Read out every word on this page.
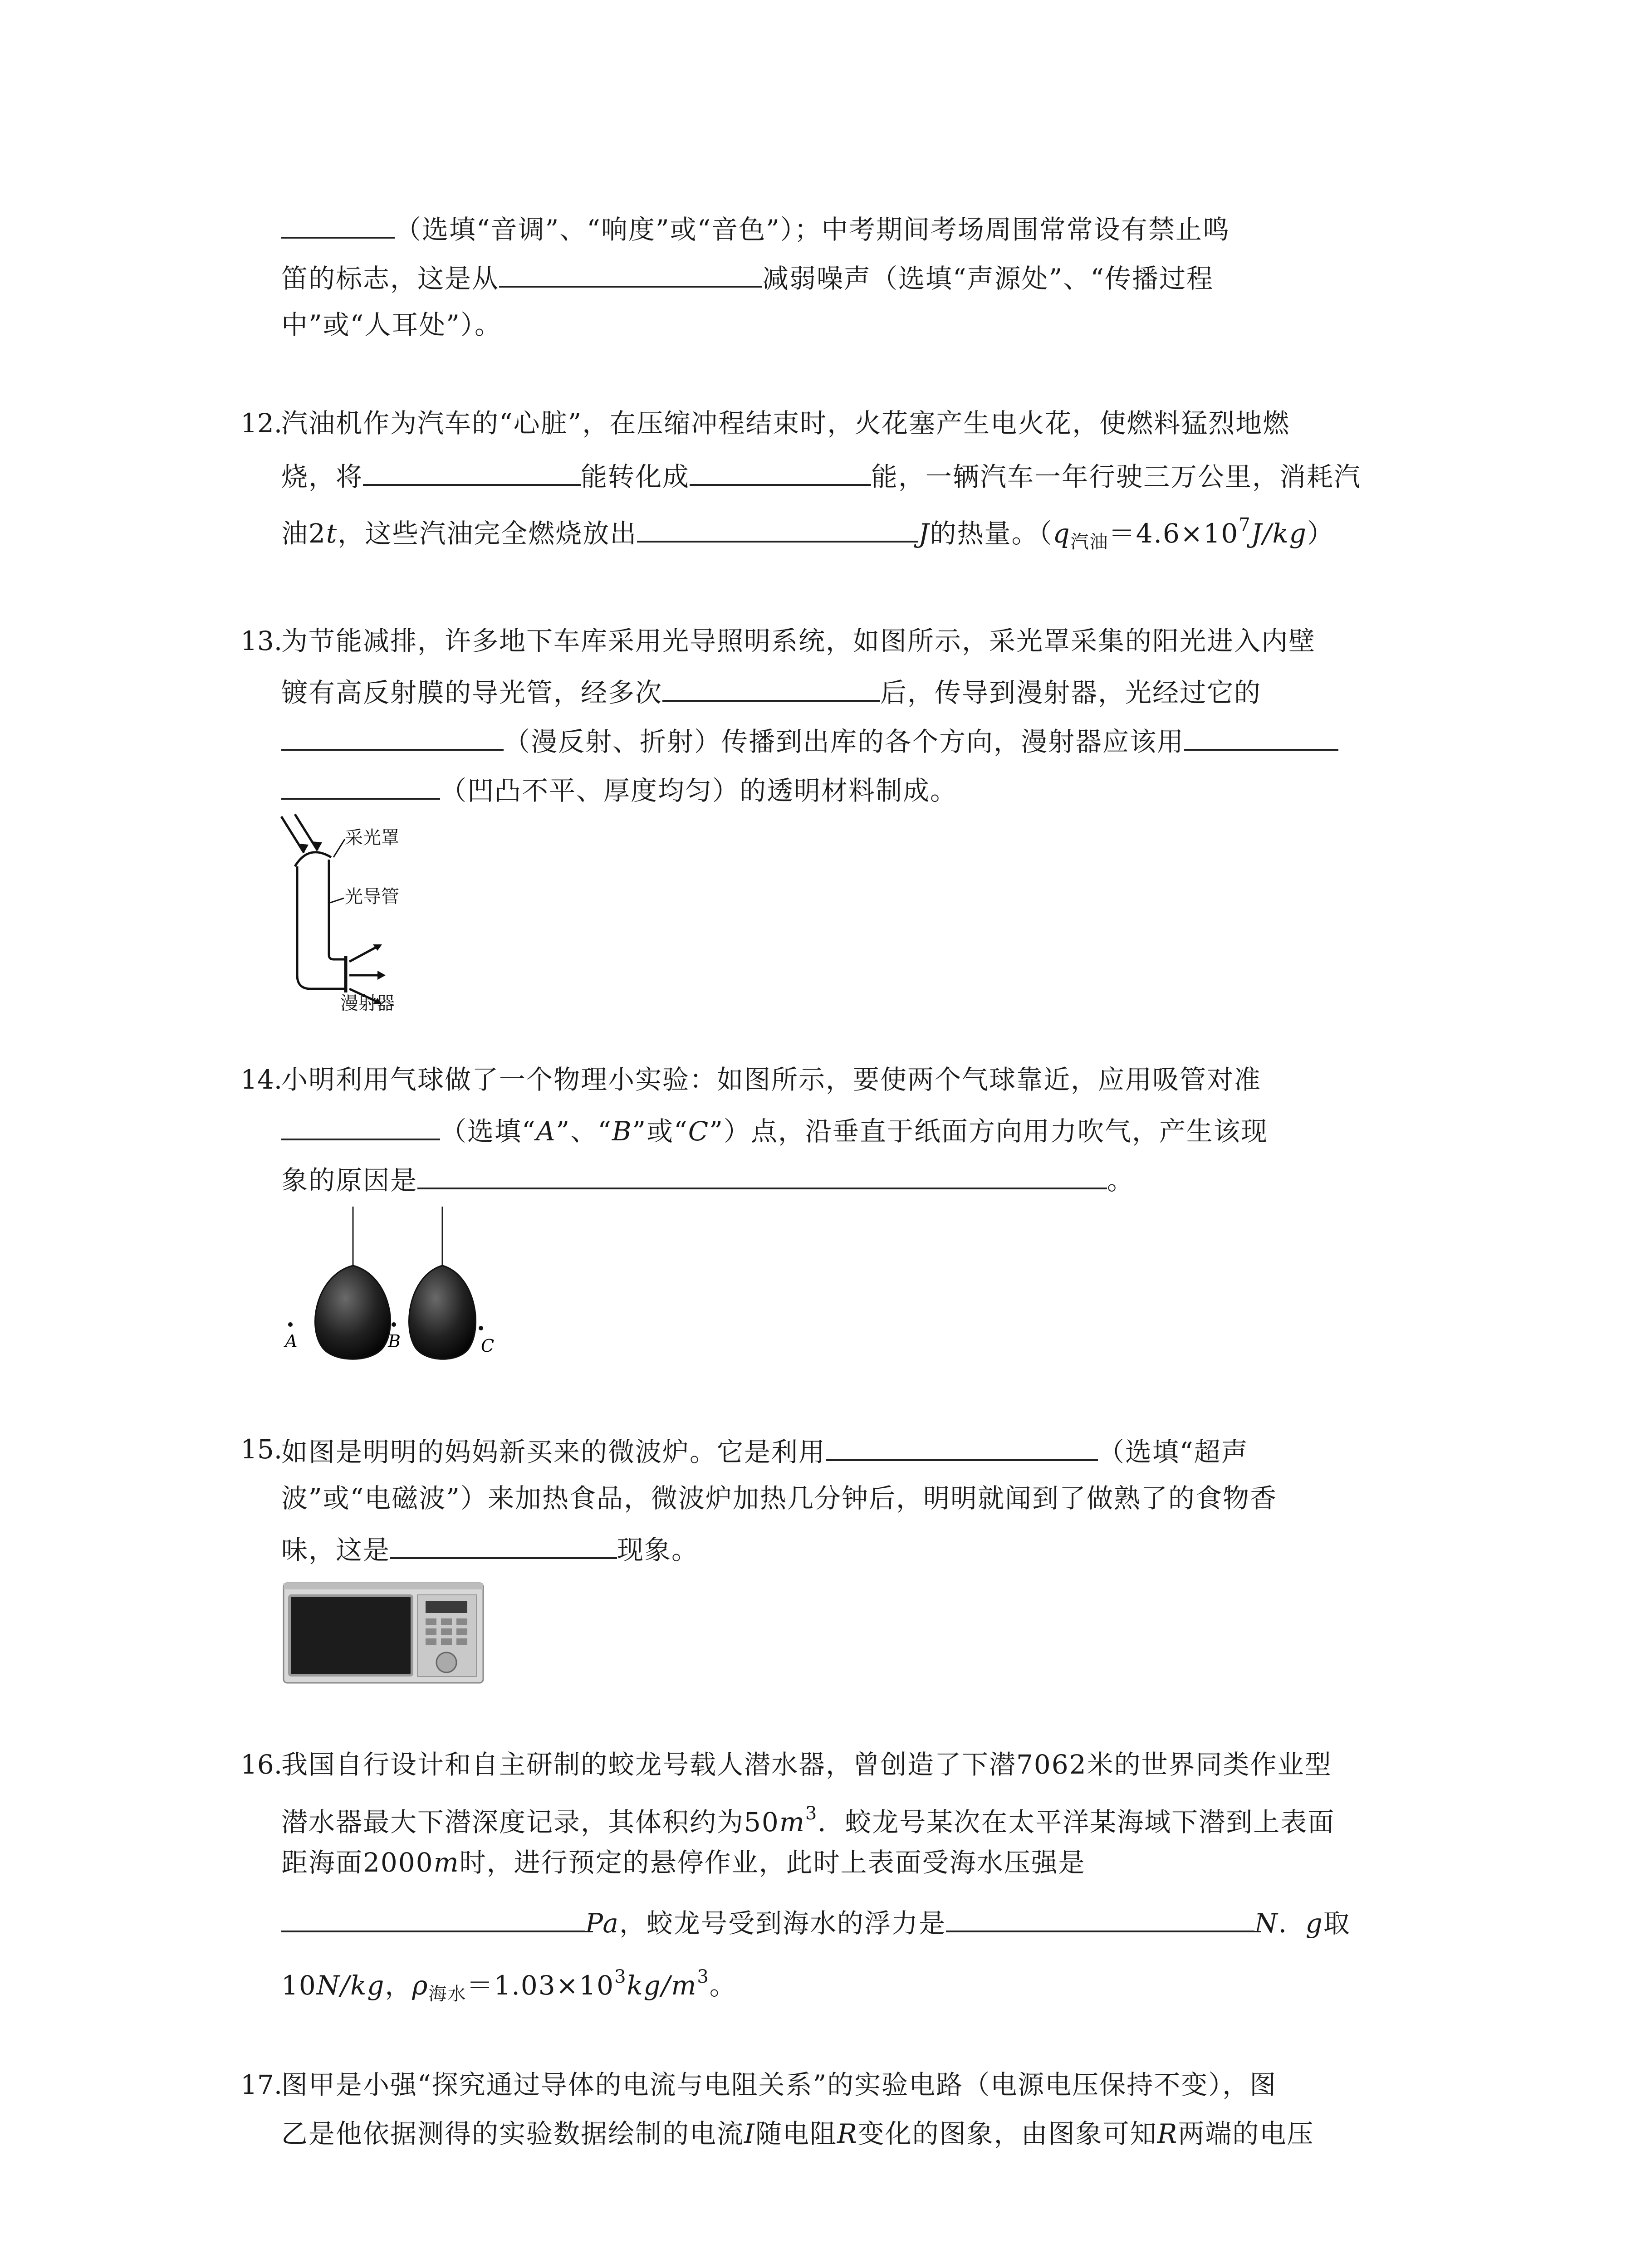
（选填“音调”、“响度”或“音色”）；中考期间考场周围常常设有禁止鸣
笛的标志，这是从	减弱噪声（选填“声源处”、“传播过程
中”或“人耳处”）。
12.
汽油机作为汽车的“心脏”，在压缩冲程结束时，火花塞产生电火花，使燃料猛烈地燃
烧，将	能转化成	能，一辆汽车一年行驶三万公里，消耗汽
油2t，这些汽油完全燃烧放出	J的热量。$(q_{汽油}=4.6\times 10^7J/kg)$
13.
为节能减排，许多地下车库采用光导照明系统，如图所示，采光罩采集的阳光进入内壁
镀有高反射膜的导光管，经多次	后，传导到漫射器，光经过它的
（漫反射、折射）传播到出库的各个方向，漫射器应该用
（凹凸不平、厚度均匀）的透明材料制成。
采光罩
光导管
漫射器
14.
小明利用气球做了一个物理小实验：如图所示，要使两个气球靠近，应用吸管对准
（选填“A”、“B”或“C”）点，沿垂直于纸面方向用力吹气，产生该现
象的原因是	。
A	B	C
15.
如图是明明的妈妈新买来的微波炉。它是利用	（选填“超声
波”或“电磁波”）来加热食品，微波炉加热几分钟后，明明就闻到了做熟了的食物香
味，这是	现象。
16.
我国自行设计和自主研制的蛟龙号载人潜水器，曾创造了下潜7062米的世界同类作业型
潜水器最大下潜深度记录，其体积约为$50m^3$．蛟龙号某次在太平洋某海域下潜到上表面
距海面2000m时，进行预定的悬停作业，此时上表面受海水压强是
Pa，蛟龙号受到海水的浮力是	N．g取
10N/kg，$\rho_{海水}=1.03\times 10^3kg/m^3$。
17.
图甲是小强“探究通过导体的电流与电阻关系”的实验电路（电源电压保持不变），图
乙是他依据测得的实验数据绘制的电流I随电阻R变化的图象，由图象可知R两端的电压
